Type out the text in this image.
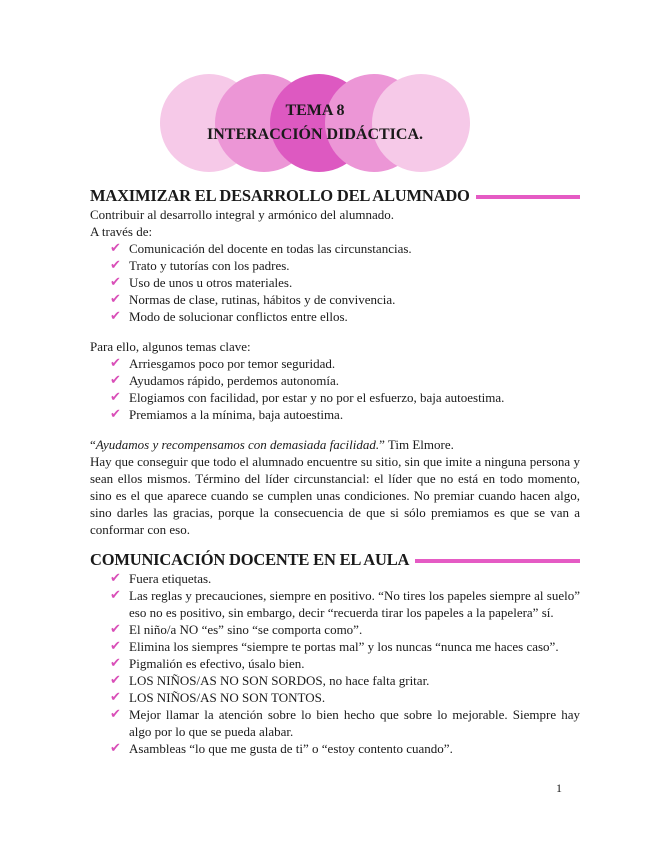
TEMA 8
INTERACCIÓN DIDÁCTICA.
MAXIMIZAR EL DESARROLLO DEL ALUMNADO

Contribuir al desarrollo integral y armónico del alumnado.

A través de:

✔ Comunicación del docente en todas las circunstancias.
✔ Trato y tutorías con los padres.
✔ Uso de unos u otros materiales.
✔ Normas de clase, rutinas, hábitos y de convivencia.
✔ Modo de solucionar conflictos entre ellos.

Para ello, algunos temas clave:

✔ Arriesgamos poco por temor seguridad.
✔ Ayudamos rápido, perdemos autonomía.
✔ Elogiamos con facilidad, por estar y no por el esfuerzo, baja autoestima.
✔ Premiamos a la mínima, baja autoestima.

“Ayudamos y recompensamos con demasiada facilidad.” Tim Elmore.

Hay que conseguir que todo el alumnado encuentre su sitio, sin que imite a ninguna persona y sean ellos mismos. Término del líder circunstancial: el líder que no está en todo momento, sino es el que aparece cuando se cumplen unas condiciones. No premiar cuando hacen algo, sino darles las gracias, porque la consecuencia de que si sólo premiamos es que se van a conformar con eso.

COMUNICACIÓN DOCENTE EN EL AULA
✔ Fuera etiquetas.
✔ Las reglas y precauciones, siempre en positivo. “No tires los papeles siempre al suelo” eso no es positivo, sin embargo, decir “recuerda tirar los papeles a la papelera” sí.
✔ El niño/a NO “es” sino “se comporta como”.
✔ Elimina los siempres “siempre te portas mal” y los nuncas “nunca me haces caso”.
✔ Pigmalión es efectivo, úsalo bien.
✔ LOS NIÑOS/AS NO SON SORDOS, no hace falta gritar.
✔ LOS NIÑOS/AS NO SON TONTOS.
✔ Mejor llamar la atención sobre lo bien hecho que sobre lo mejorable. Siempre hay algo por lo que se pueda alabar.
✔ Asambleas “lo que me gusta de ti” o “estoy contento cuando”.
1
